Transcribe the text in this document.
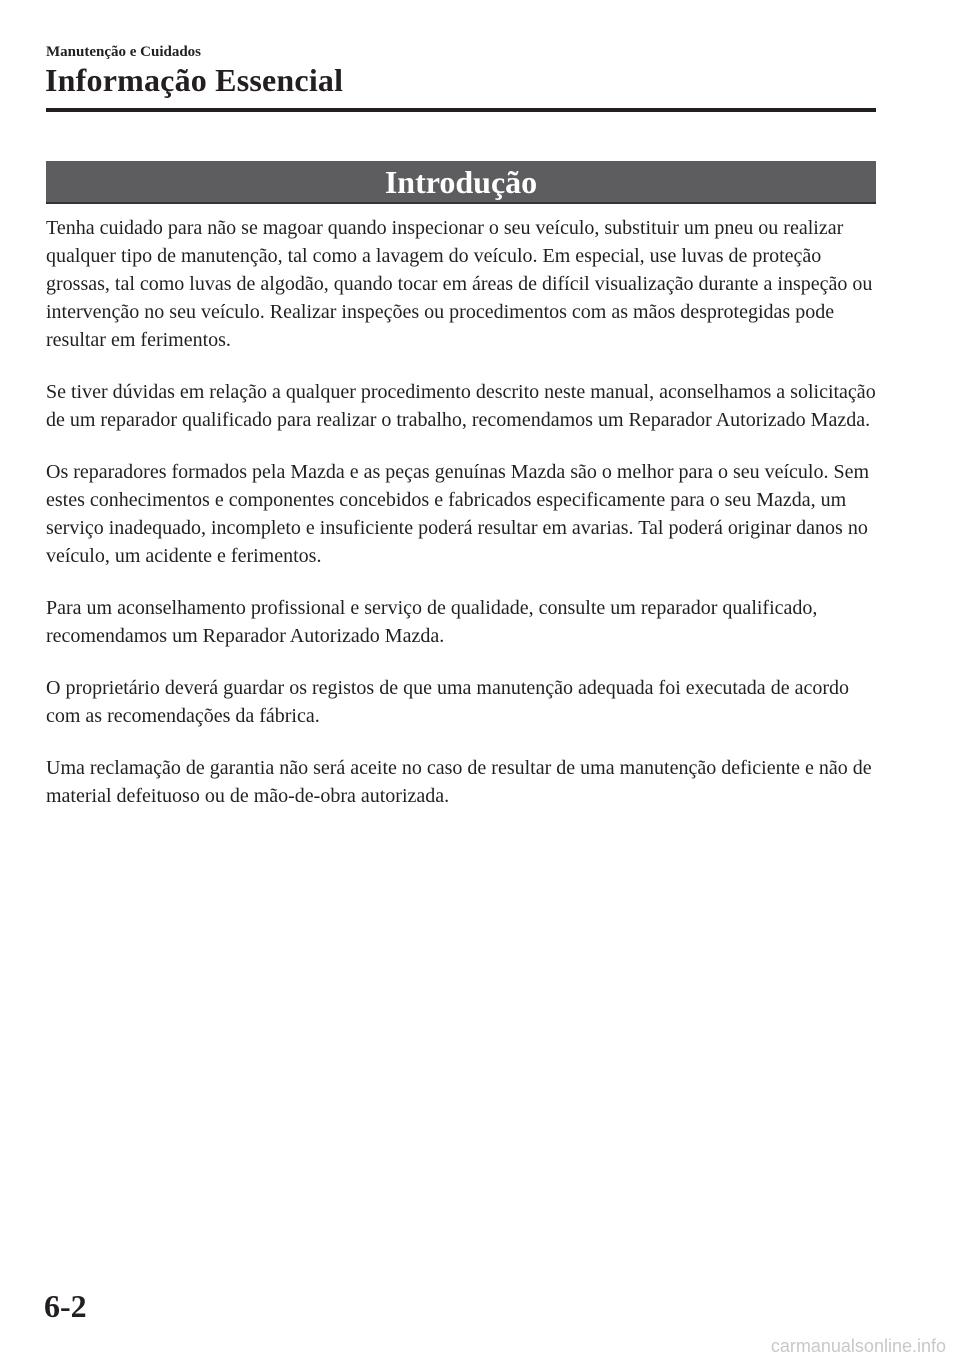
Manutenção e Cuidados
Informação Essencial
Introdução

Tenha cuidado para não se magoar quando inspecionar o seu veículo, substituir um pneu ou realizar qualquer tipo de manutenção, tal como a lavagem do veículo. Em especial, use luvas de proteção grossas, tal como luvas de algodão, quando tocar em áreas de difícil visualização durante a inspeção ou intervenção no seu veículo. Realizar inspeções ou procedimentos com as mãos desprotegidas pode resultar em ferimentos.

Se tiver dúvidas em relação a qualquer procedimento descrito neste manual, aconselhamos a solicitação de um reparador qualificado para realizar o trabalho, recomendamos um Reparador Autorizado Mazda.

Os reparadores formados pela Mazda e as peças genuínas Mazda são o melhor para o seu veículo. Sem estes conhecimentos e componentes concebidos e fabricados especificamente para o seu Mazda, um serviço inadequado, incompleto e insuficiente poderá resultar em avarias. Tal poderá originar danos no veículo, um acidente e ferimentos.

Para um aconselhamento profissional e serviço de qualidade, consulte um reparador qualificado, recomendamos um Reparador Autorizado Mazda.

O proprietário deverá guardar os registos de que uma manutenção adequada foi executada de acordo com as recomendações da fábrica.

Uma reclamação de garantia não será aceite no caso de resultar de uma manutenção deficiente e não de material defeituoso ou de mão-de-obra autorizada.

6-2
carmanualsonline.info
